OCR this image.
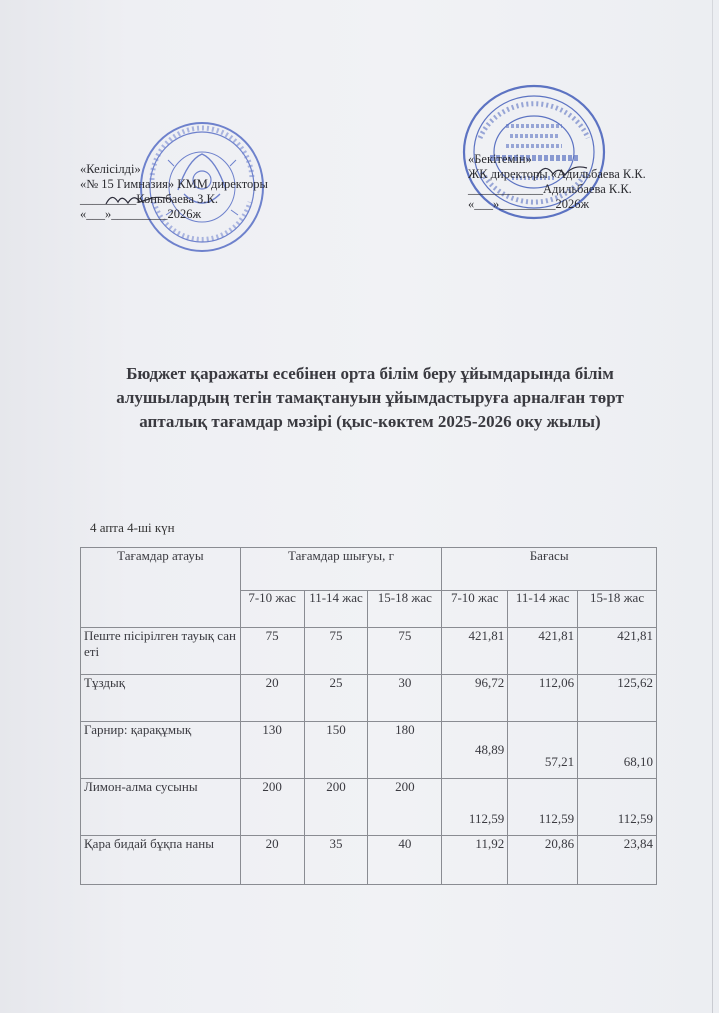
«Келісілді»
«№ 15 Гимназия» КММ директоры
_________Коныбаева З.К.
«___»_________2026ж
«Бекітемін»
ЖК директоры «Адильбаева К.К.
____________Адильбаева К.К.
«___»_________2026ж
Бюджет қаражаты есебінен орта білім беру ұйымдарында білім
алушылардың тегін тамақтануын ұйымдастыруға арналған төрт
апталық тағамдар мәзірі (қыс-көктем 2025-2026 оку жылы)
4 апта 4-ші күн
Тағамдар атауы	Тағамдар шығуы, г			Бағасы		
	7-10 жас	11-14 жас	15-18 жас	7-10 жас	11-14 жас	15-18 жас
Пеште пісірілген тауық сан еті	75	75	75	421,81	421,81	421,81
Тұздық	20	25	30	96,72	112,06	125,62
Гарнир: қарақұмық	130	150	180	48,89	57,21	68,10
Лимон-алма сусыны	200	200	200	112,59	112,59	112,59
Қара бидай бұқпа наны	20	35	40	11,92	20,86	23,84
